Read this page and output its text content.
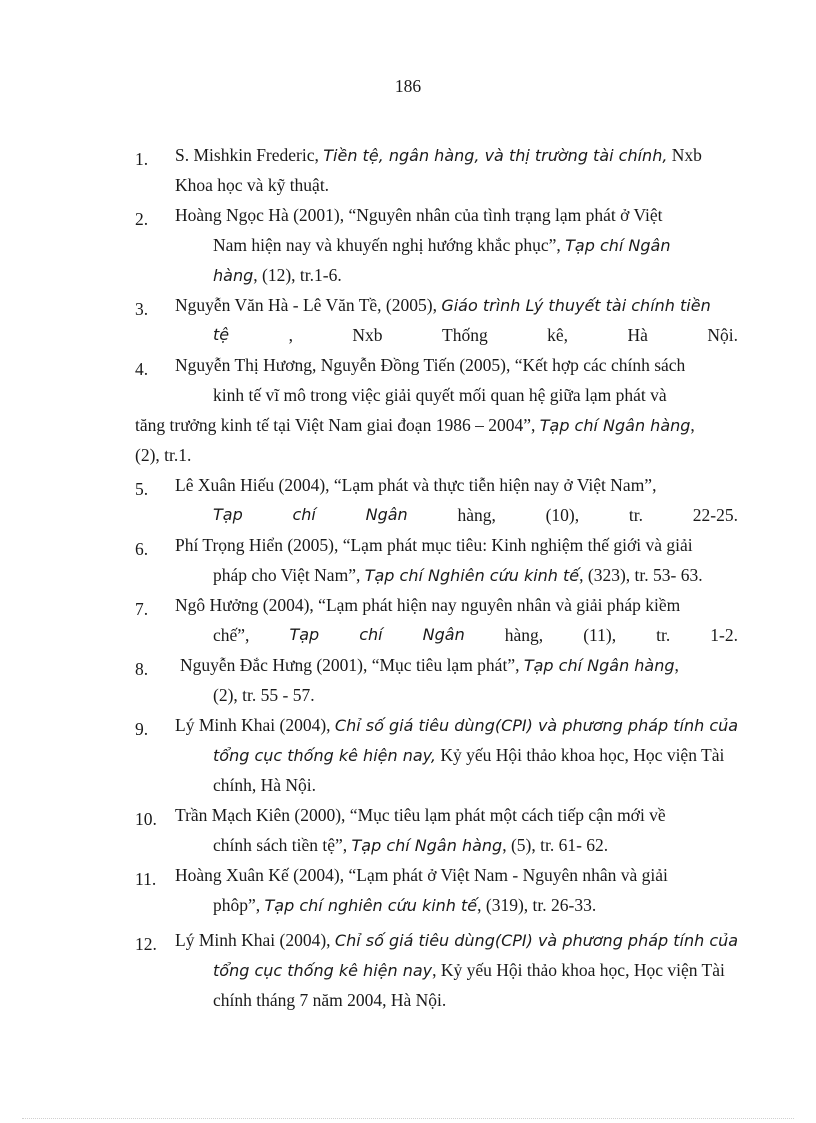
186
1. S. Mishkin Frederic, Tiền tệ, ngân hàng, và thị trường tài chính, Nxb
Khoa học và kỹ thuật.
2. Hoàng Ngọc Hà (2001), “Nguyên nhân của tình trạng lạm phát ở Việt
Nam hiện nay và khuyến nghị hướng khắc phục”, Tạp chí Ngân
hàng, (12), tr.1-6.
3. Nguyễn Văn Hà - Lê Văn Tề, (2005), Giáo trình Lý thuyết tài chính tiền
tệ	,	Nxb	Thống	kê,	Hà	Nội.
4. Nguyễn Thị Hương, Nguyễn Đồng Tiến (2005), “Kết hợp các chính sách
kinh tế vĩ mô trong việc giải quyết mối quan hệ giữa lạm phát và
tăng trưởng kinh tế tại Việt Nam giai đoạn 1986 – 2004”, Tạp chí Ngân hàng,
(2), tr.1.
5. Lê Xuân Hiếu (2004), “Lạm phát và thực tiễn hiện nay ở Việt Nam”,
Tạp	chí	Ngân	hàng,	(10),	tr.	22-25.
6. Phí Trọng Hiển (2005), “Lạm phát mục tiêu: Kinh nghiệm thế giới và giải
pháp cho Việt Nam”, Tạp chí Nghiên cứu kinh tế, (323), tr. 53- 63.
7. Ngô Hưởng (2004), “Lạm phát hiện nay nguyên nhân và giải pháp kiềm
chế”,	Tạp	chí	Ngân hàng, (11), tr. 1-2.
8. Nguyễn Đắc Hưng (2001), “Mục tiêu lạm phát”, Tạp chí Ngân hàng,
(2), tr. 55 - 57.
9. Lý Minh Khai (2004), Chỉ số giá tiêu dùng(CPI) và phương pháp tính của
tổng cục thống kê hiện nay, Kỷ yếu Hội thảo khoa học, Học viện Tài
chính, Hà Nội.
10. Trần Mạch Kiên (2000), “Mục tiêu lạm phát một cách tiếp cận mới về
chính sách tiền tệ”, Tạp chí Ngân hàng, (5), tr. 61- 62.
11. Hoàng Xuân Kế (2004), “Lạm phát ở Việt Nam - Nguyên nhân và giải
phôp”, Tạp chí nghiên cứu kinh tế, (319), tr. 26-33.
12. Lý Minh Khai (2004), Chỉ số giá tiêu dùng(CPI) và phương pháp tính của
tổng cục thống kê hiện nay, Kỷ yếu Hội thảo khoa học, Học viện Tài
chính tháng 7 năm 2004, Hà Nội.
